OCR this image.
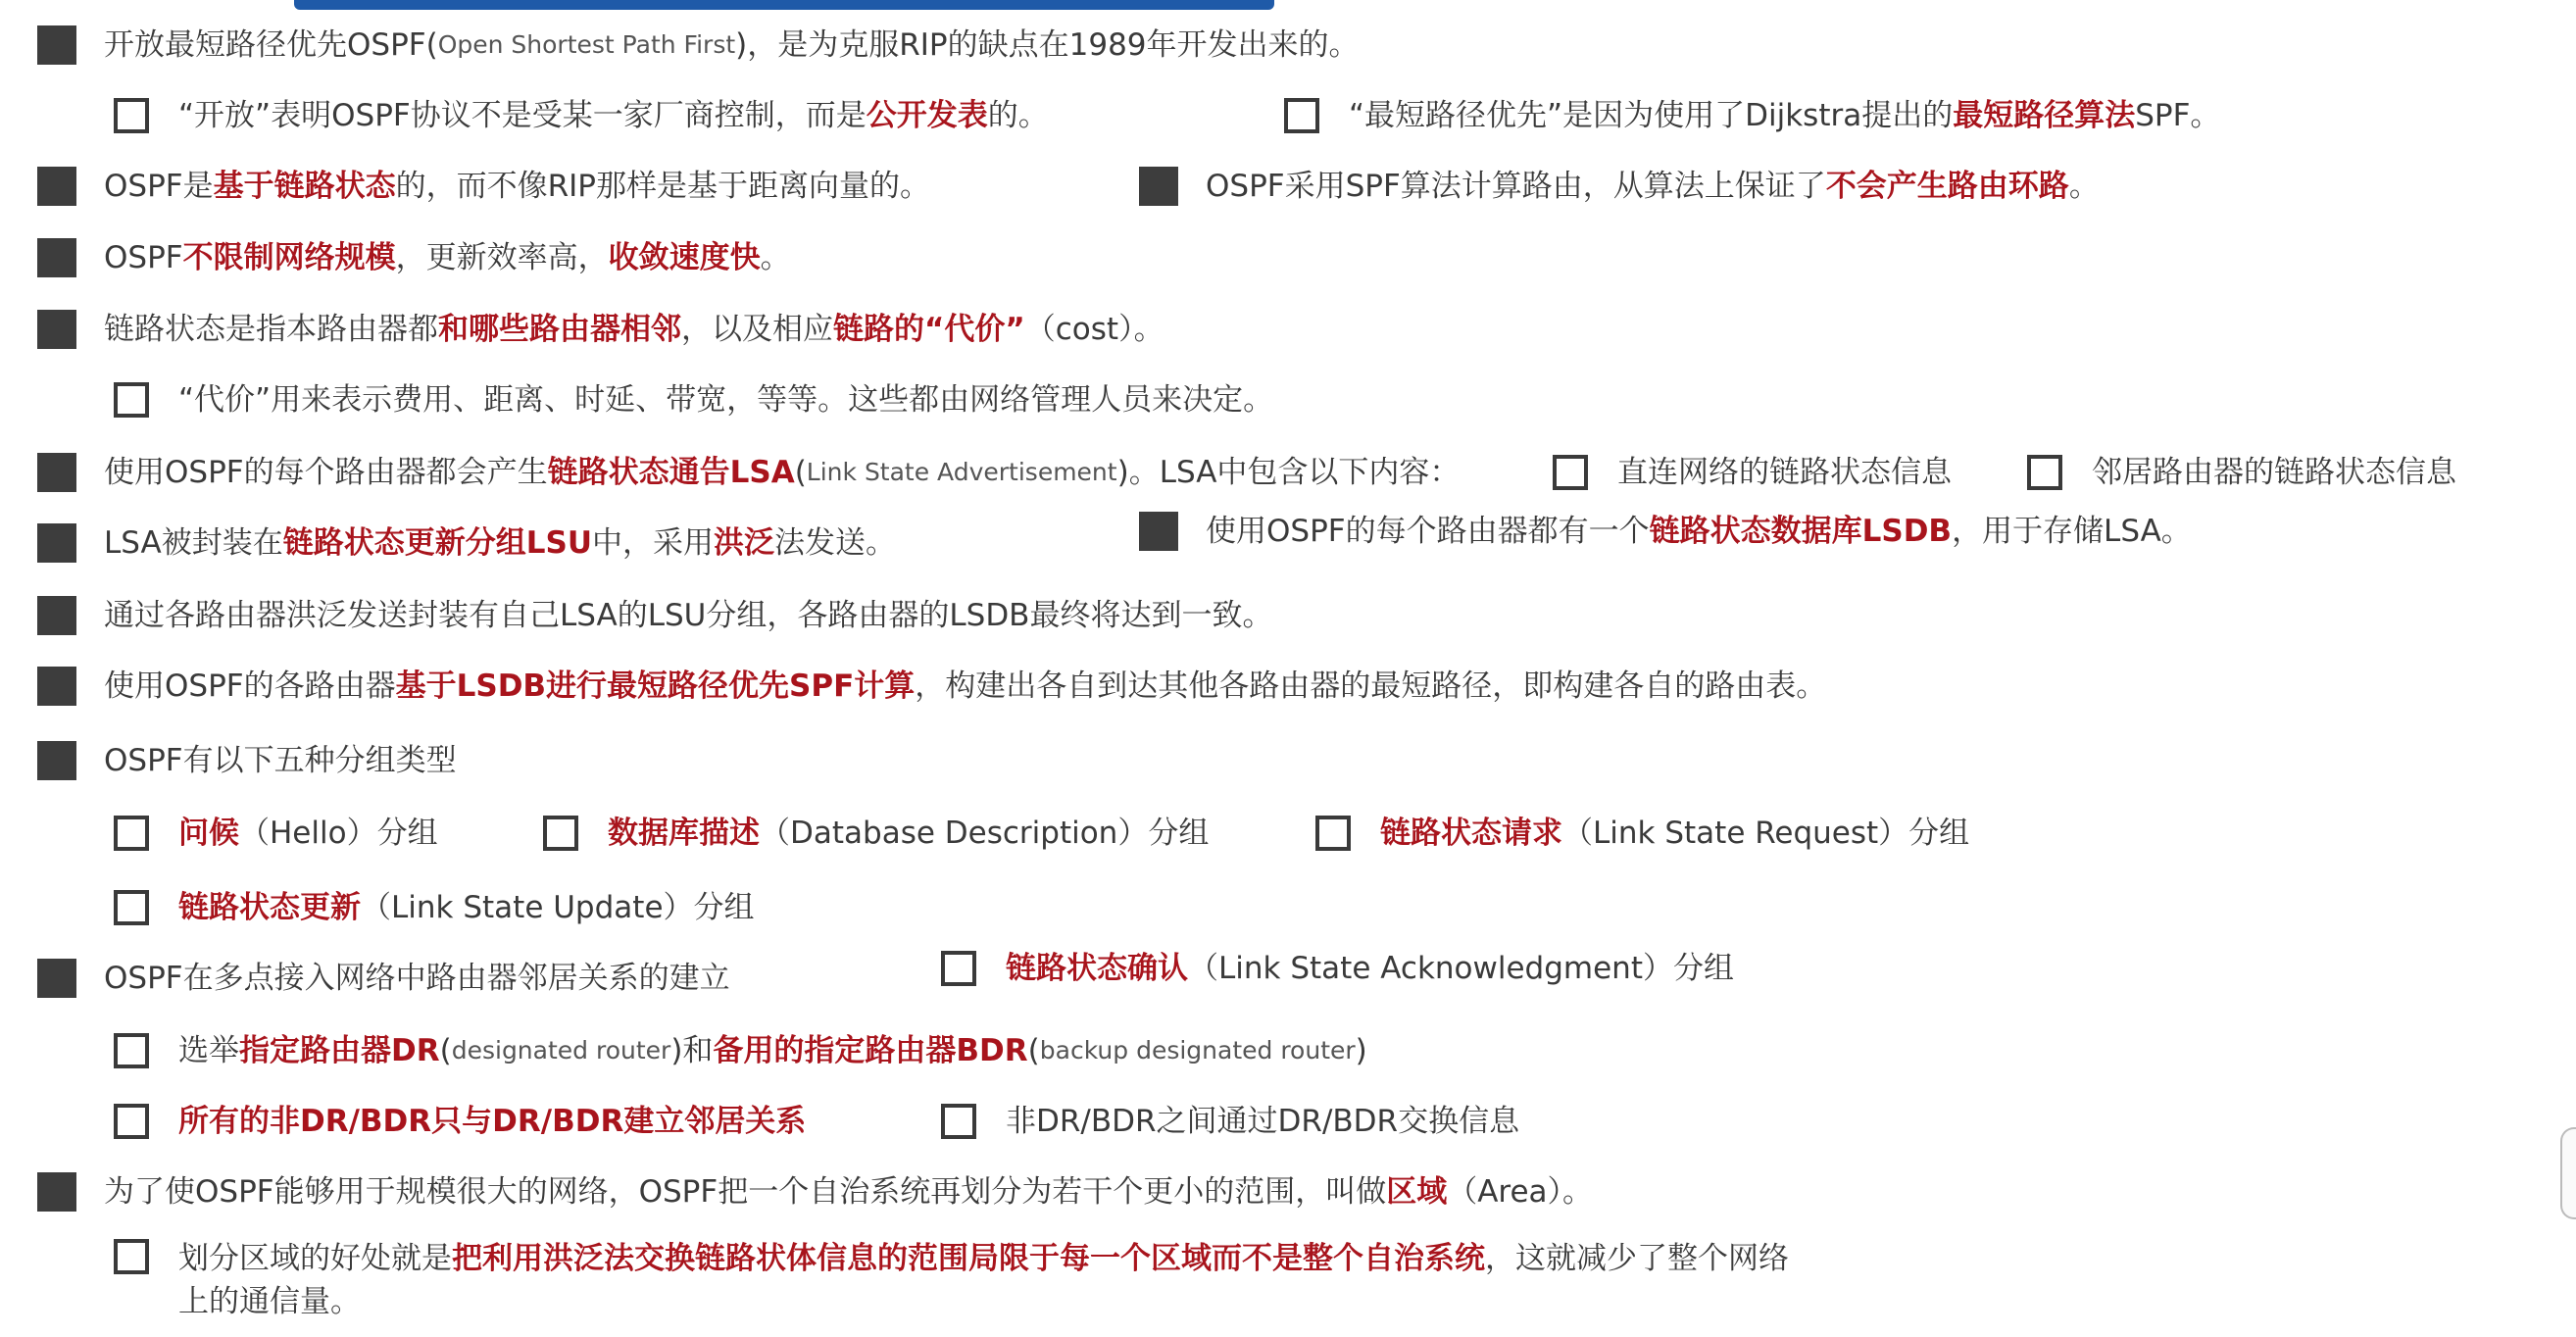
开放最短路径优先OSPF( Open Shortest Path First )，是为克服RIP的缺点在1989年开发出来的。
“开放”表明OSPF协议不是受某一家厂商控制，而是 公开发表 的。	“最短路径优先”是因为使用了Dijkstra提出的 最短路径算法 SPF。
OSPF是 基于链路状态 的，而不像RIP那样是基于距离向量的。	OSPF采用SPF算法计算路由，从算法上保证了 不会产生路由环路 。
OSPF 不限制网络规模 ，更新效率高， 收敛速度快 。
链路状态是指本路由器都 和哪些路由器相邻 ，以及相应 链路的“代价” （cost）。
“代价”用来表示费用、距离、时延、带宽，等等。这些都由网络管理人员来决定。
使用OSPF的每个路由器都会产生 链路状态通告LSA ( Link State Advertisement )。LSA中包含以下内容：	直连网络的链路状态信息	邻居路由器的链路状态信息
LSA被封装在 链路状态更新分组LSU 中，采用 洪泛 法发送。	使用OSPF的每个路由器都有一个 链路状态数据库LSDB ，用于存储LSA。
通过各路由器洪泛发送封装有自己LSA的LSU分组，各路由器的LSDB最终将达到一致。
使用OSPF的各路由器 基于LSDB进行最短路径优先SPF计算 ，构建出各自到达其他各路由器的最短路径，即构建各自的路由表。
OSPF有以下五种分组类型
问候 （Hello）分组	数据库描述 （Database Description）分组	链路状态请求 （Link State Request）分组
链路状态更新 （Link State Update）分组
OSPF在多点接入网络中路由器邻居关系的建立	链路状态确认 （Link State Acknowledgment）分组
选举 指定路由器DR ( designated router )和 备用的指定路由器BDR ( backup designated router )
所有的非DR/BDR只与DR/BDR建立邻居关系	非DR/BDR之间通过DR/BDR交换信息
为了使OSPF能够用于规模很大的网络，OSPF把一个自治系统再划分为若干个更小的范围，叫做 区域 （Area）。
划分区域的好处就是把利用洪泛法交换链路状体信息的范围局限于每一个区域而不是整个自治系统，这就减少了整个网络上的通信量。
